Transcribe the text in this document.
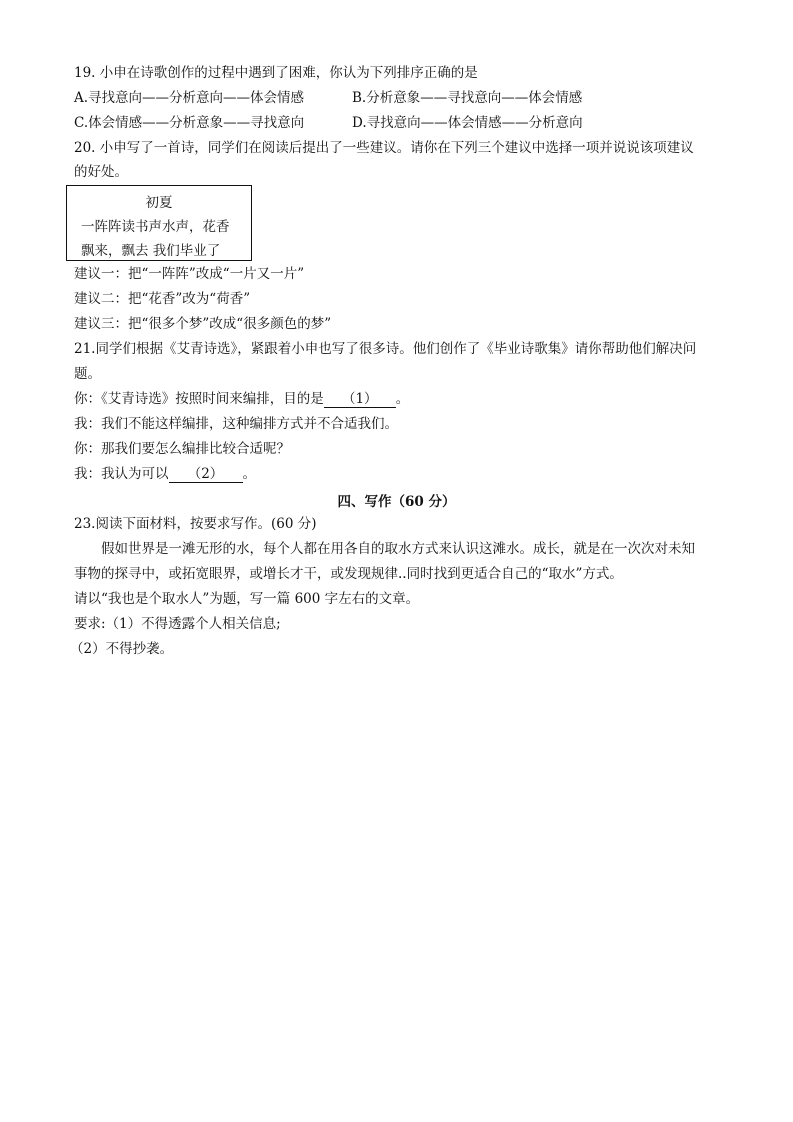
19. 小申在诗歌创作的过程中遇到了困难，你认为下列排序正确的是
A.寻找意向——分析意向——体会情感	B.分析意象——寻找意向——体会情感
C.体会情感——分析意象——寻找意向	D.寻找意向——体会情感——分析意向
20. 小申写了一首诗，同学们在阅读后提出了一些建议。请你在下列三个建议中选择一项并说说该项建议
的好处。
初夏
一阵阵读书声水声，花香
飘来，飘去 我们毕业了
建议一：把“一阵阵”改成“一片又一片”
建议二：把“花香”改为“荷香”
建议三：把“很多个梦”改成“很多颜色的梦”
21.同学们根据《艾青诗选》，紧跟着小申也写了很多诗。他们创作了《毕业诗歌集》请你帮助他们解决问
题。
你：《艾青诗选》按照时间来编排，目的是 （1） 。
我：我们不能这样编排，这种编排方式并不合适我们。
你：那我们要怎么编排比较合适呢？
我：我认为可以 （2） 。
四、写作（60 分）
23.阅读下面材料，按要求写作。(60 分)
假如世界是一滩无形的水，每个人都在用各自的取水方式来认识这滩水。成长，就是在一次次对未知
事物的探寻中，或拓宽眼界，或增长才干，或发现规律..同时找到更适合自己的“取水”方式。
请以“我也是个取水人”为题，写一篇 600 字左右的文章。
要求:（1）不得透露个人相关信息;
（2）不得抄袭。
